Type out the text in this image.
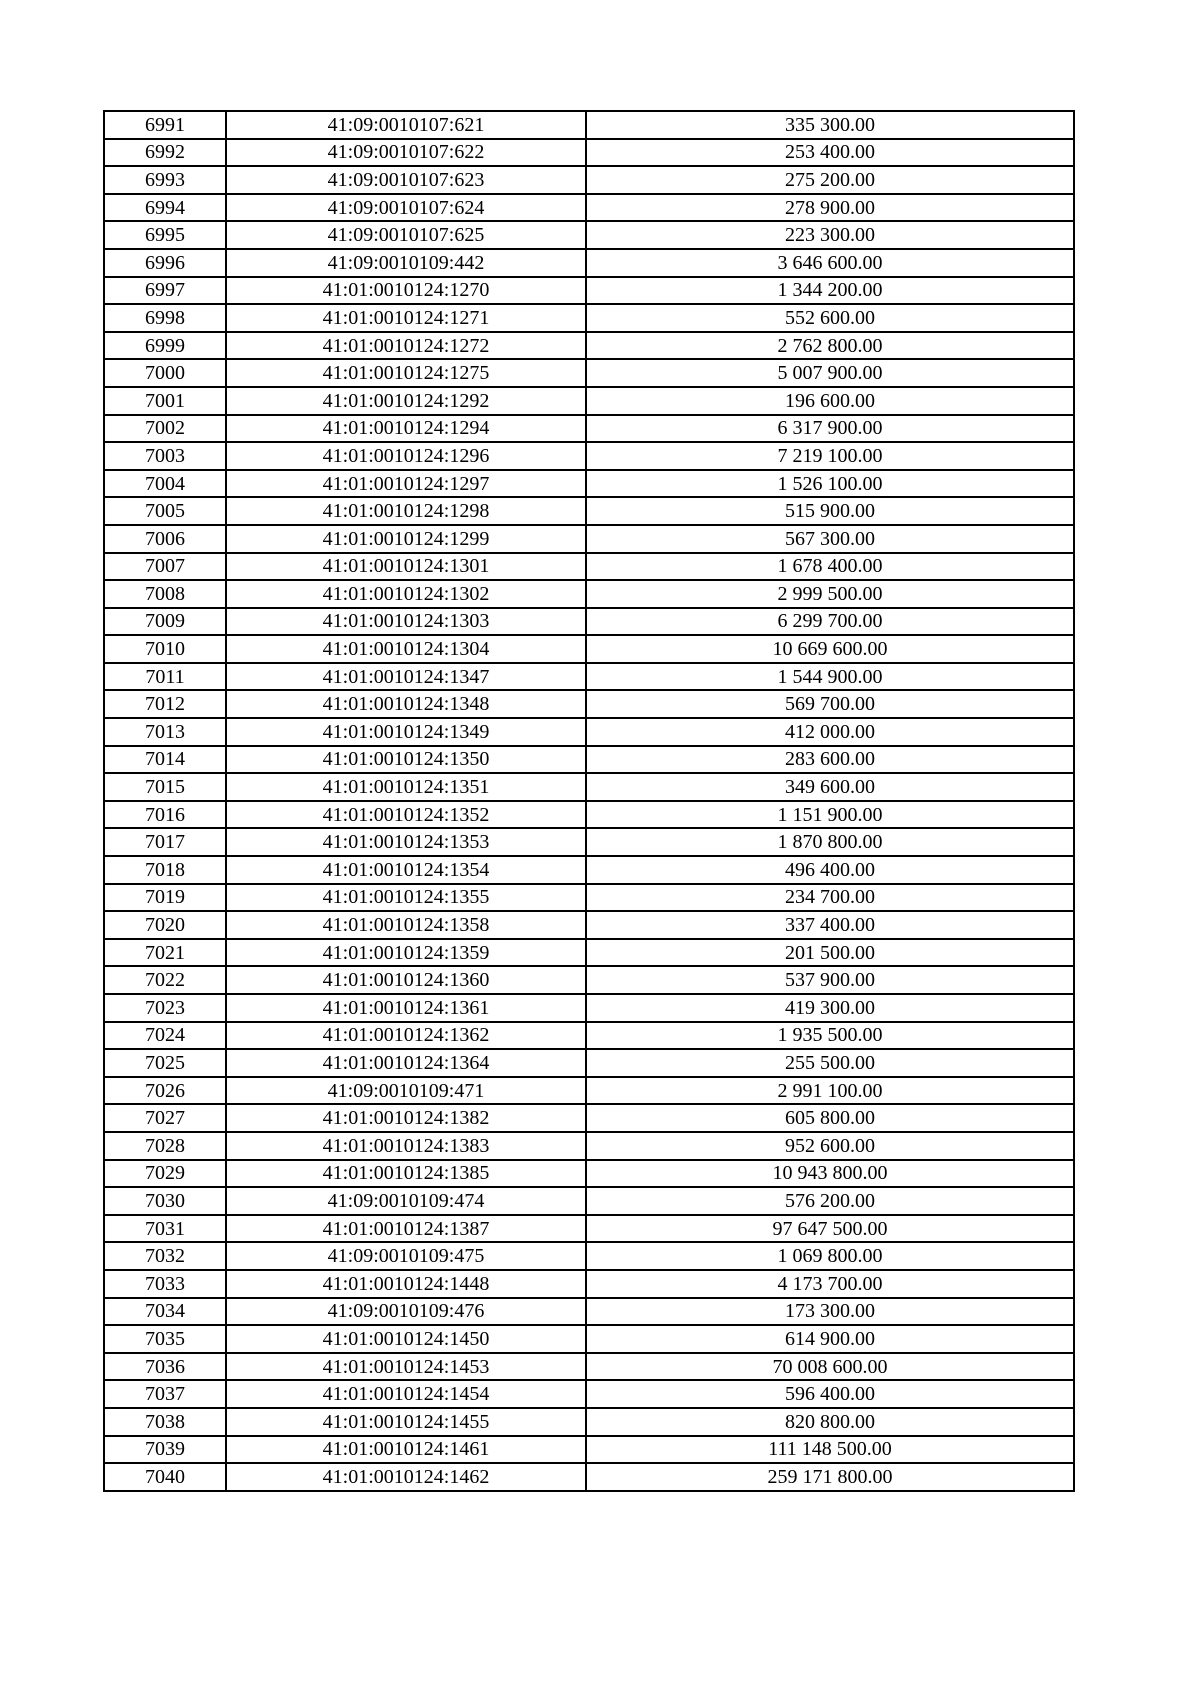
6991	41:09:0010107:621	335 300.00
6992	41:09:0010107:622	253 400.00
6993	41:09:0010107:623	275 200.00
6994	41:09:0010107:624	278 900.00
6995	41:09:0010107:625	223 300.00
6996	41:09:0010109:442	3 646 600.00
6997	41:01:0010124:1270	1 344 200.00
6998	41:01:0010124:1271	552 600.00
6999	41:01:0010124:1272	2 762 800.00
7000	41:01:0010124:1275	5 007 900.00
7001	41:01:0010124:1292	196 600.00
7002	41:01:0010124:1294	6 317 900.00
7003	41:01:0010124:1296	7 219 100.00
7004	41:01:0010124:1297	1 526 100.00
7005	41:01:0010124:1298	515 900.00
7006	41:01:0010124:1299	567 300.00
7007	41:01:0010124:1301	1 678 400.00
7008	41:01:0010124:1302	2 999 500.00
7009	41:01:0010124:1303	6 299 700.00
7010	41:01:0010124:1304	10 669 600.00
7011	41:01:0010124:1347	1 544 900.00
7012	41:01:0010124:1348	569 700.00
7013	41:01:0010124:1349	412 000.00
7014	41:01:0010124:1350	283 600.00
7015	41:01:0010124:1351	349 600.00
7016	41:01:0010124:1352	1 151 900.00
7017	41:01:0010124:1353	1 870 800.00
7018	41:01:0010124:1354	496 400.00
7019	41:01:0010124:1355	234 700.00
7020	41:01:0010124:1358	337 400.00
7021	41:01:0010124:1359	201 500.00
7022	41:01:0010124:1360	537 900.00
7023	41:01:0010124:1361	419 300.00
7024	41:01:0010124:1362	1 935 500.00
7025	41:01:0010124:1364	255 500.00
7026	41:09:0010109:471	2 991 100.00
7027	41:01:0010124:1382	605 800.00
7028	41:01:0010124:1383	952 600.00
7029	41:01:0010124:1385	10 943 800.00
7030	41:09:0010109:474	576 200.00
7031	41:01:0010124:1387	97 647 500.00
7032	41:09:0010109:475	1 069 800.00
7033	41:01:0010124:1448	4 173 700.00
7034	41:09:0010109:476	173 300.00
7035	41:01:0010124:1450	614 900.00
7036	41:01:0010124:1453	70 008 600.00
7037	41:01:0010124:1454	596 400.00
7038	41:01:0010124:1455	820 800.00
7039	41:01:0010124:1461	111 148 500.00
7040	41:01:0010124:1462	259 171 800.00
